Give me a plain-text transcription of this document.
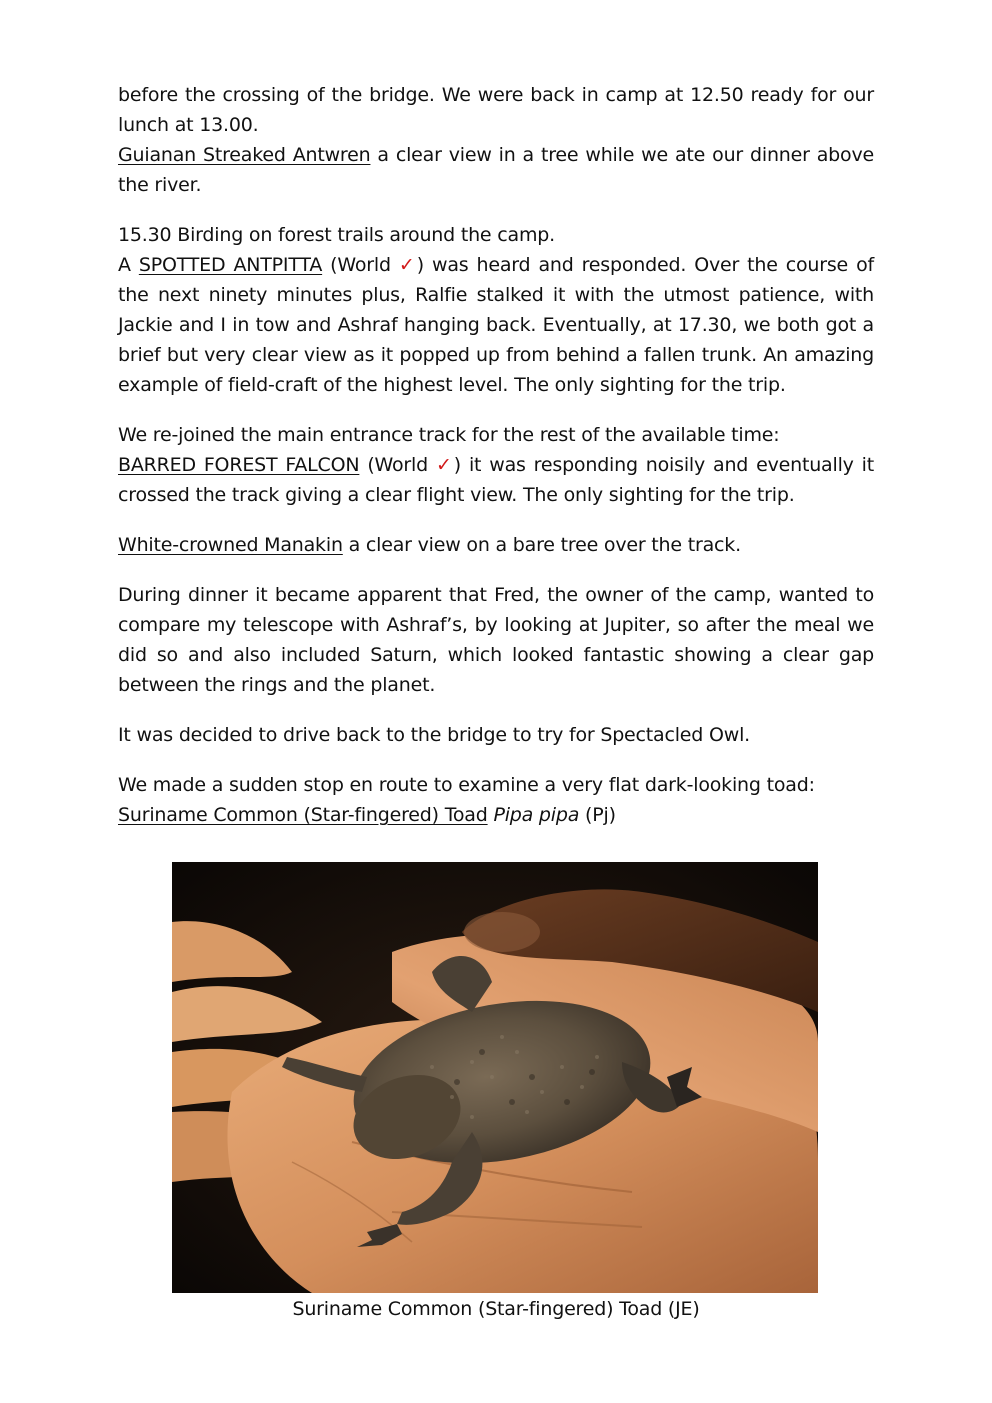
before the crossing of the bridge. We were back in camp at 12.50 ready for our lunch at 13.00.
Guianan Streaked Antwren a clear view in a tree while we ate our dinner above the river.

15.30 Birding on forest trails around the camp.
A SPOTTED ANTPITTA (World ✓) was heard and responded. Over the course of the next ninety minutes plus, Ralfie stalked it with the utmost patience, with Jackie and I in tow and Ashraf hanging back. Eventually, at 17.30, we both got a brief but very clear view as it popped up from behind a fallen trunk. An amazing example of field-craft of the highest level. The only sighting for the trip.

We re-joined the main entrance track for the rest of the available time:
BARRED FOREST FALCON (World ✓) it was responding noisily and eventually it crossed the track giving a clear flight view. The only sighting for the trip.

White-crowned Manakin a clear view on a bare tree over the track.

During dinner it became apparent that Fred, the owner of the camp, wanted to compare my telescope with Ashraf’s, by looking at Jupiter, so after the meal we did so and also included Saturn, which looked fantastic showing a clear gap between the rings and the planet.

It was decided to drive back to the bridge to try for Spectacled Owl.

We made a sudden stop en route to examine a very flat dark-looking toad:
Suriname Common (Star-fingered) Toad Pipa pipa (Pj)

Suriname Common (Star-fingered) Toad (JE)
